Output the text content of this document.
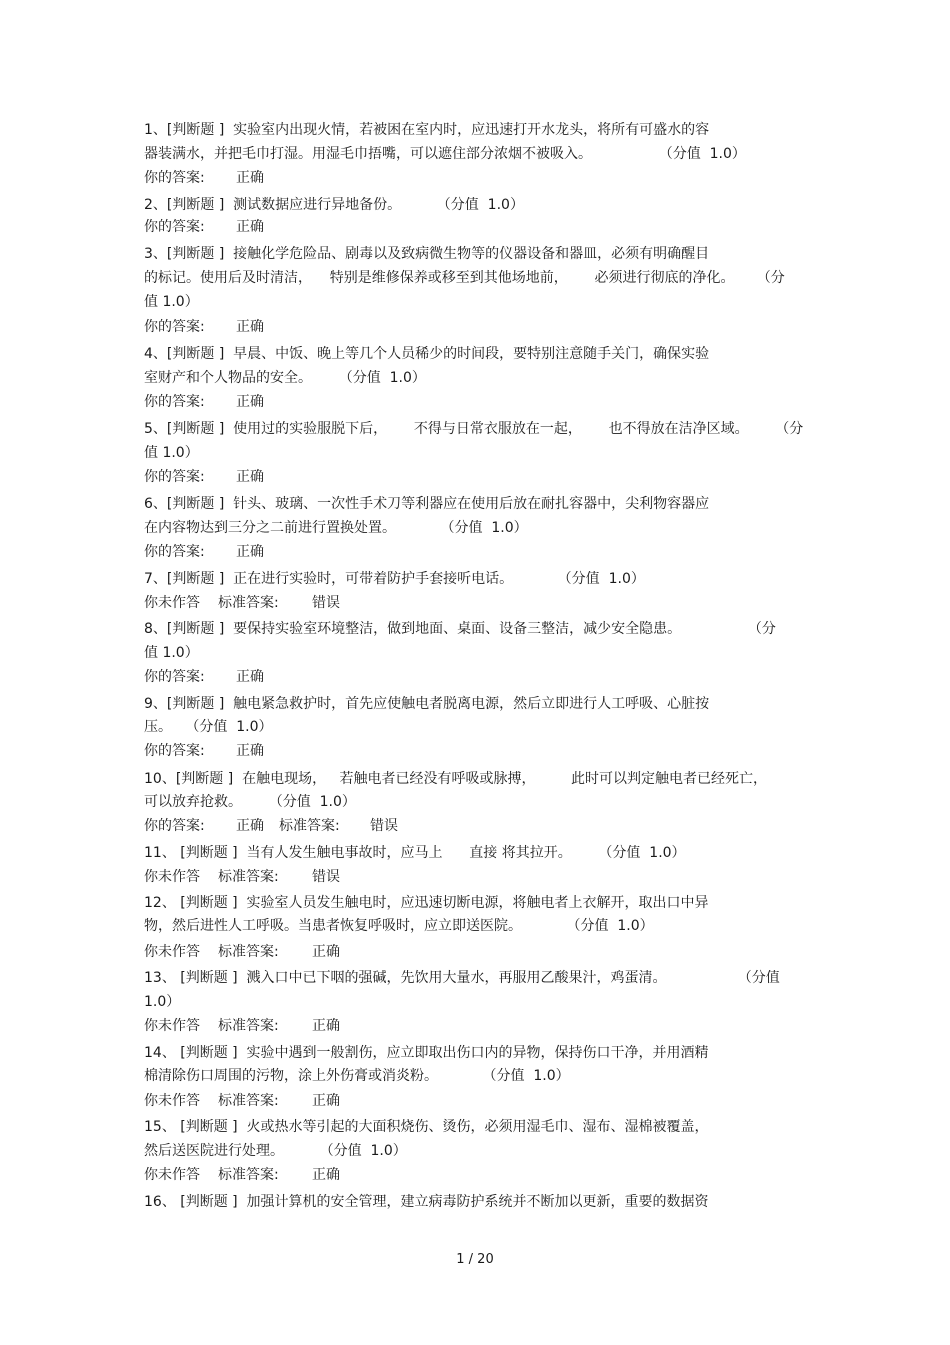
1、[判断题 ]  实验室内出现火情，若被困在室内时，应迅速打开水龙头，将所有可盛水的容
器装满水，并把毛巾打湿。用湿毛巾捂嘴，可以遮住部分浓烟不被吸入。               （分值  1.0）
你的答案: 正确
2、[判断题 ]  测试数据应进行异地备份。        （分值  1.0）
你的答案: 正确
3、[判断题 ]  接触化学危险品、剧毒以及致病微生物等的仪器设备和器皿，必须有明确醒目
的标记。使用后及时清洁，    特别是维修保养或移至到其他场地前，      必须进行彻底的净化。     （分
值 1.0）
你的答案: 正确
4、[判断题 ]  早晨、中饭、晚上等几个人员稀少的时间段，要特别注意随手关门，确保实验
室财产和个人物品的安全。      （分值  1.0）
你的答案: 正确
5、[判断题 ]  使用过的实验服脱下后，      不得与日常衣服放在一起，      也不得放在洁净区域。      （分
值 1.0）
你的答案: 正确
6、[判断题 ]  针头、玻璃、一次性手术刀等利器应在使用后放在耐扎容器中，尖利物容器应
在内容物达到三分之二前进行置换处置。          （分值  1.0）
你的答案: 正确
7、[判断题 ]  正在进行实验时，可带着防护手套接听电话。          （分值  1.0）
你未作答 标准答案: 错误
8、[判断题 ]  要保持实验室环境整洁，做到地面、桌面、设备三整洁，减少安全隐患。               （分
值 1.0）
你的答案: 正确
9、[判断题 ]  触电紧急救护时，首先应使触电者脱离电源，然后立即进行人工呼吸、心脏按
压。   （分值  1.0）
你的答案: 正确
10、[判断题 ]  在触电现场，   若触电者已经没有呼吸或脉搏，        此时可以判定触电者已经死亡，
可以放弃抢救。      （分值  1.0）
你的答案: 正确 标准答案: 错误
11、 [判断题 ]  当有人发生触电事故时，应马上      直接 将其拉开。      （分值  1.0）
你未作答 标准答案: 错误
12、 [判断题 ]  实验室人员发生触电时，应迅速切断电源，将触电者上衣解开，取出口中异
物，然后进性人工呼吸。当患者恢复呼吸时，应立即送医院。          （分值  1.0）
你未作答 标准答案: 正确
13、 [判断题 ]  溅入口中已下咽的强碱，先饮用大量水，再服用乙酸果汁，鸡蛋清。                （分值
1.0）
你未作答 标准答案: 正确
14、 [判断题 ]  实验中遇到一般割伤，应立即取出伤口内的异物，保持伤口干净，并用酒精
棉清除伤口周围的污物，涂上外伤膏或消炎粉。          （分值  1.0）
你未作答 标准答案: 正确
15、 [判断题 ]  火或热水等引起的大面积烧伤、烫伤，必须用湿毛巾、湿布、湿棉被覆盖，
然后送医院进行处理。        （分值  1.0）
你未作答 标准答案: 正确
16、 [判断题 ]  加强计算机的安全管理，建立病毒防护系统并不断加以更新，重要的数据资
1 / 20
